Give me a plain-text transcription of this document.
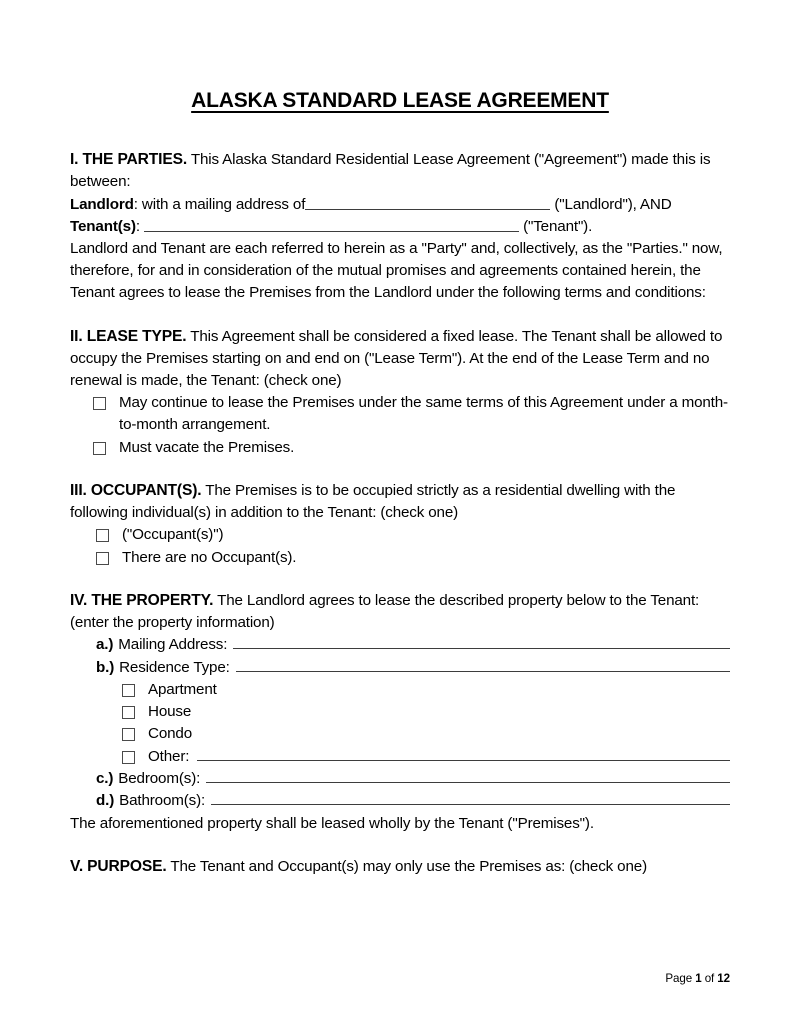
ALASKA STANDARD LEASE AGREEMENT

I. THE PARTIES. This Alaska Standard Residential Lease Agreement ("Agreement") made this is between:

Landlord: with a mailing address of	("Landlord"), AND

Tenant(s):	("Tenant").

Landlord and Tenant are each referred to herein as a "Party" and, collectively, as the "Parties." now, therefore, for and in consideration of the mutual promises and agreements contained herein, the Tenant agrees to lease the Premises from the Landlord under the following terms and conditions:

II. LEASE TYPE. This Agreement shall be considered a fixed lease. The Tenant shall be allowed to occupy the Premises starting on and end on ("Lease Term"). At the end of the Lease Term and no renewal is made, the Tenant: (check one)

May continue to lease the Premises under the same terms of this Agreement under a month-to-month arrangement.
Must vacate the Premises.

III. OCCUPANT(S). The Premises is to be occupied strictly as a residential dwelling with the following individual(s) in addition to the Tenant: (check one)

("Occupant(s)")
There are no Occupant(s).

IV. THE PROPERTY. The Landlord agrees to lease the described property below to the Tenant: (enter the property information)

a.) Mailing Address:
b.) Residence Type:
Apartment
House
Condo
Other:
c.) Bedroom(s):
d.) Bathroom(s):

The aforementioned property shall be leased wholly by the Tenant ("Premises").

V. PURPOSE. The Tenant and Occupant(s) may only use the Premises as: (check one)

Page 1 of 12
